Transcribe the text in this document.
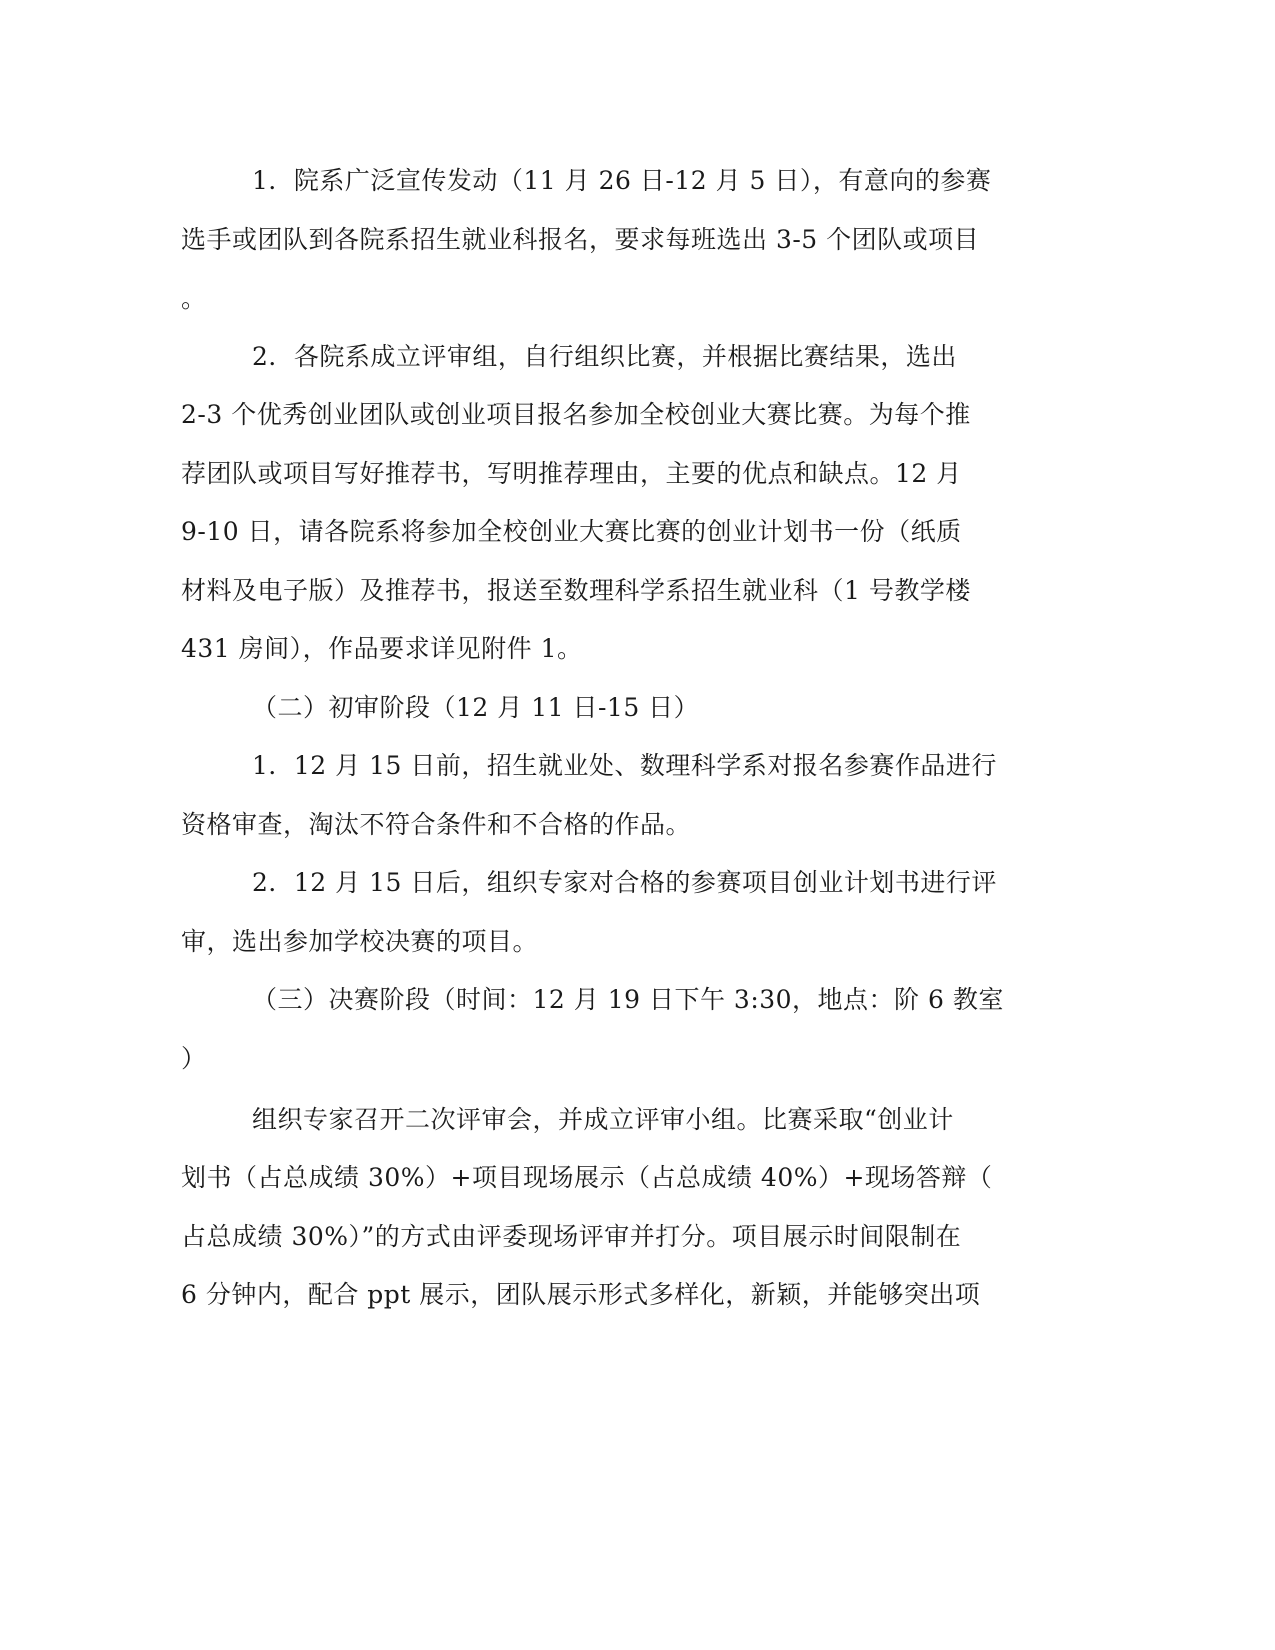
1．院系广泛宣传发动（11 月 26 日-12 月 5 日），有意向的参赛
选手或团队到各院系招生就业科报名，要求每班选出 3-5 个团队或项目
。
2．各院系成立评审组，自行组织比赛，并根据比赛结果，选出
2-3 个优秀创业团队或创业项目报名参加全校创业大赛比赛。为每个推
荐团队或项目写好推荐书，写明推荐理由，主要的优点和缺点。12 月
9-10 日，请各院系将参加全校创业大赛比赛的创业计划书一份（纸质
材料及电子版）及推荐书，报送至数理科学系招生就业科（1 号教学楼
431 房间），作品要求详见附件 1。
（二）初审阶段（12 月 11 日-15 日）
1．12 月 15 日前，招生就业处、数理科学系对报名参赛作品进行
资格审查，淘汰不符合条件和不合格的作品。
2．12 月 15 日后，组织专家对合格的参赛项目创业计划书进行评
审，选出参加学校决赛的项目。
（三）决赛阶段（时间：12 月 19 日下午 3:30，地点：阶 6 教室
）
组织专家召开二次评审会，并成立评审小组。比赛采取“创业计
划书（占总成绩 30%）+项目现场展示（占总成绩 40%）+现场答辩（
占总成绩 30%）”的方式由评委现场评审并打分。项目展示时间限制在
6 分钟内，配合 ppt 展示，团队展示形式多样化，新颖，并能够突出项
